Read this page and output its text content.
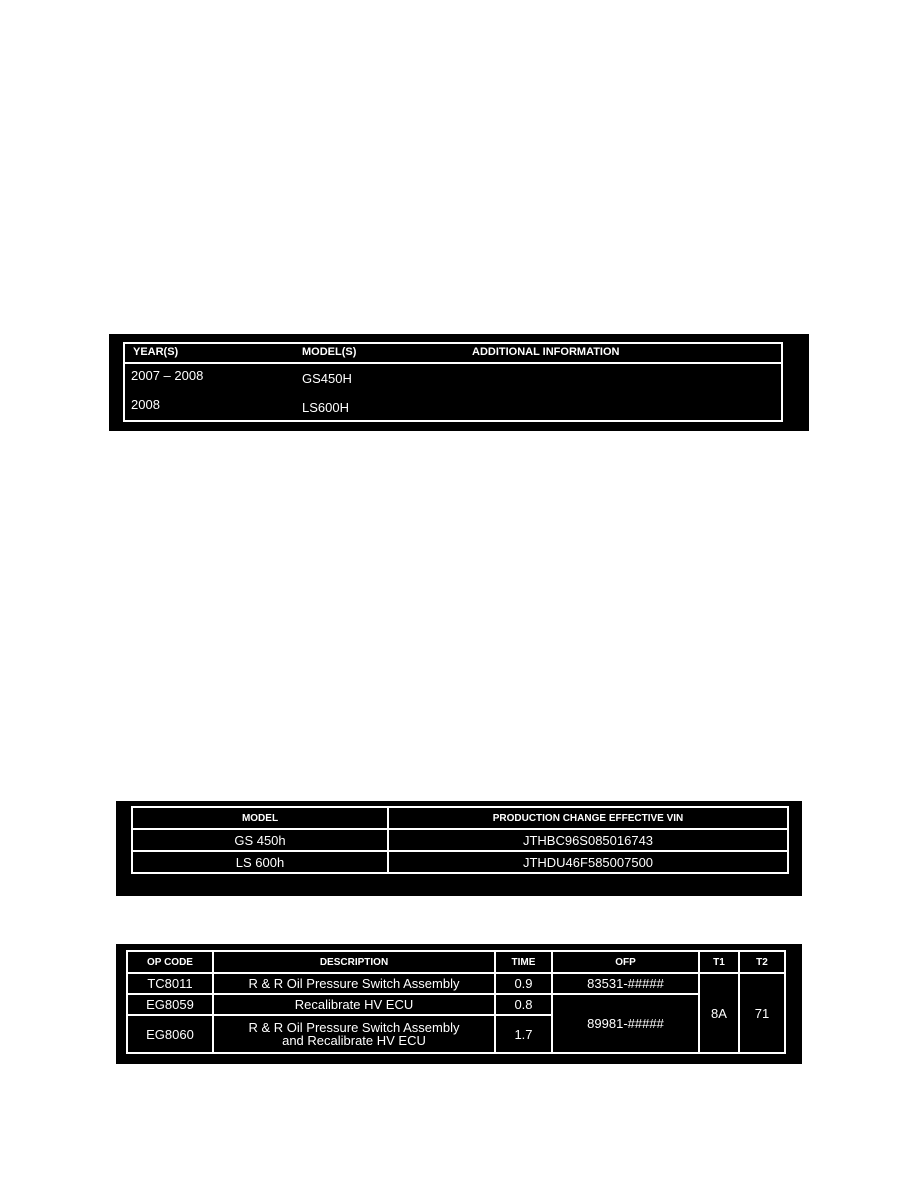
YEAR(S)	MODEL(S)	ADDITIONAL INFORMATION
2007 – 2008	GS450H
2008	LS600H
MODEL	PRODUCTION CHANGE EFFECTIVE VIN
GS 450h	JTHBC96S085016743
LS 600h	JTHDU46F585007500
OP CODE	DESCRIPTION	TIME	OFP	T1	T2
TC8011	R & R Oil Pressure Switch Assembly	0.9	83531-#####	8A	71
EG8059	Recalibrate HV ECU	0.8	89981-#####		
EG8060	R & R Oil Pressure Switch Assembly
and Recalibrate HV ECU	1.7			
